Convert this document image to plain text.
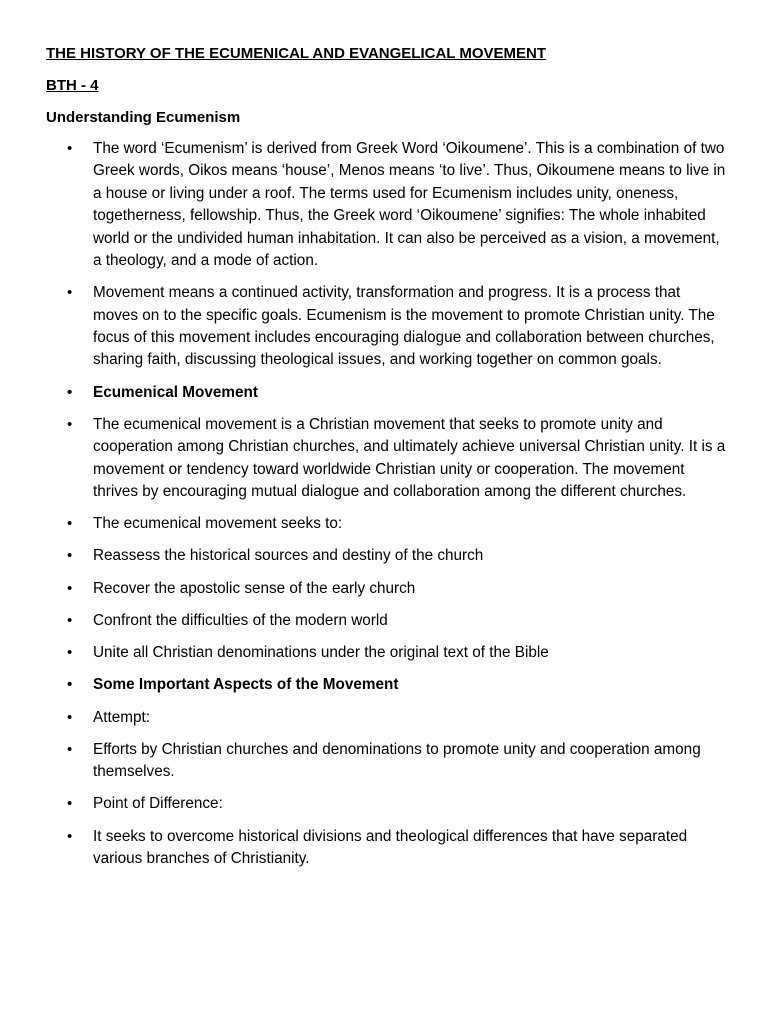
THE HISTORY OF THE ECUMENICAL AND EVANGELICAL MOVEMENT

BTH - 4

Understanding Ecumenism

• The word ‘Ecumenism’ is derived from Greek Word ‘Oikoumene’. This is a combination of two Greek words, Oikos means ‘house’, Menos means ‘to live’. Thus, Oikoumene means to live in a house or living under a roof. The terms used for Ecumenism includes unity, oneness, togetherness, fellowship. Thus, the Greek word ‘Oikoumene’ signifies: The whole inhabited world or the undivided human inhabitation. It can also be perceived as a vision, a movement, a theology, and a mode of action.
• Movement means a continued activity, transformation and progress. It is a process that moves on to the specific goals. Ecumenism is the movement to promote Christian unity. The focus of this movement includes encouraging dialogue and collaboration between churches, sharing faith, discussing theological issues, and working together on common goals.
• Ecumenical Movement
• The ecumenical movement is a Christian movement that seeks to promote unity and cooperation among Christian churches, and ultimately achieve universal Christian unity. It is a movement or tendency toward worldwide Christian unity or cooperation. The movement thrives by encouraging mutual dialogue and collaboration among the different churches.
• The ecumenical movement seeks to:
• Reassess the historical sources and destiny of the church
• Recover the apostolic sense of the early church
• Confront the difficulties of the modern world
• Unite all Christian denominations under the original text of the Bible
• Some Important Aspects of the Movement
• Attempt:
• Efforts by Christian churches and denominations to promote unity and cooperation among themselves.
• Point of Difference:
• It seeks to overcome historical divisions and theological differences that have separated various branches of Christianity.
